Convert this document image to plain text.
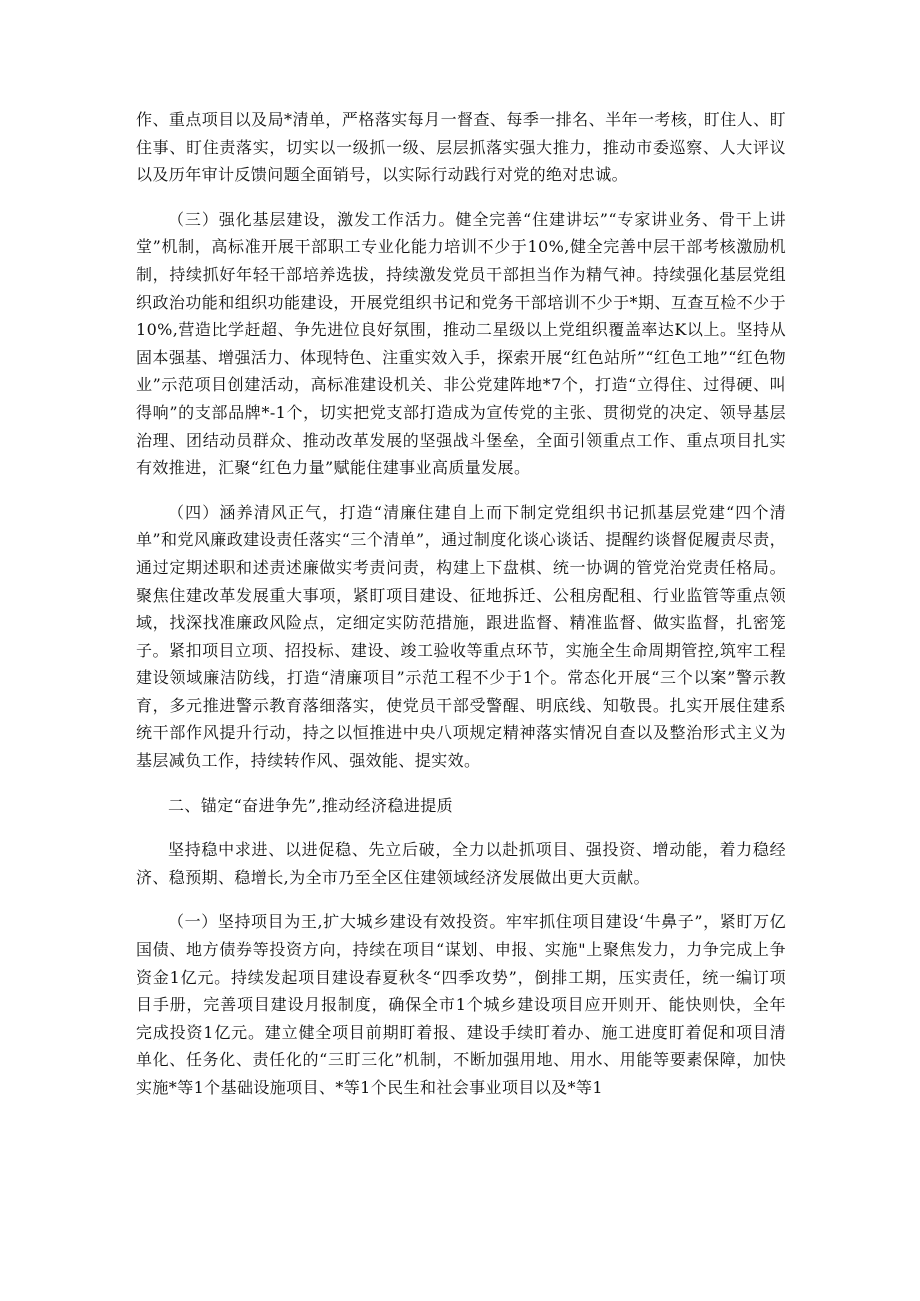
作、重点项目以及局*清单，严格落实每月一督查、每季一排名、半年一考核，盯住人、盯住事、盯住责落实，切实以一级抓一级、层层抓落实强大推力，推动市委巡察、人大评议以及历年审计反馈问题全面销号，以实际行动践行对党的绝对忠诚。

（三）强化基层建设，激发工作活力。健全完善“住建讲坛”“专家讲业务、骨干上讲堂”机制，高标准开展干部职工专业化能力培训不少于10%,健全完善中层干部考核激励机制，持续抓好年轻干部培养选拔，持续激发党员干部担当作为精气神。持续强化基层党组织政治功能和组织功能建设，开展党组织书记和党务干部培训不少于*期、互查互检不少于10%,营造比学赶超、争先进位良好氛围，推动二星级以上党组织覆盖率达K以上。坚持从固本强基、增强活力、体现特色、注重实效入手，探索开展“红色站所”“红色工地”“红色物业”示范项目创建活动，高标准建设机关、非公党建阵地*7个，打造“立得住、过得硬、叫得响”的支部品牌*-1个，切实把党支部打造成为宣传党的主张、贯彻党的决定、领导基层治理、团结动员群众、推动改革发展的坚强战斗堡垒，全面引领重点工作、重点项目扎实有效推进，汇聚“红色力量”赋能住建事业高质量发展。

（四）涵养清风正气，打造“清廉住建自上而下制定党组织书记抓基层党建“四个清单”和党风廉政建设责任落实“三个清单”，通过制度化谈心谈话、提醒约谈督促履责尽责，通过定期述职和述责述廉做实考责问责，构建上下盘棋、统一协调的管党治党责任格局。聚焦住建改革发展重大事项，紧盯项目建设、征地拆迁、公租房配租、行业监管等重点领域，找深找准廉政风险点，定细定实防范措施，跟进监督、精准监督、做实监督，扎密笼子。紧扣项目立项、招投标、建设、竣工验收等重点环节，实施全生命周期管控,筑牢工程建设领域廉洁防线，打造“清廉项目”示范工程不少于1个。常态化开展“三个以案”警示教育，多元推进警示教育落细落实，使党员干部受警醒、明底线、知敬畏。扎实开展住建系统干部作风提升行动，持之以恒推进中央八项规定精神落实情况自查以及整治形式主义为基层减负工作，持续转作风、强效能、提实效。

二、锚定“奋进争先”,推动经济稳进提质

坚持稳中求进、以进促稳、先立后破，全力以赴抓项目、强投资、增动能，着力稳经济、稳预期、稳增长,为全市乃至全区住建领域经济发展做出更大贡献。

（一）坚持项目为王,扩大城乡建设有效投资。牢牢抓住项目建设‘牛鼻子”，紧盯万亿国债、地方债券等投资方向，持续在项目“谋划、申报、实施"上聚焦发力，力争完成上争资金1亿元。持续发起项目建设春夏秋冬“四季攻势”，倒排工期，压实责任，统一编订项目手册，完善项目建设月报制度，确保全市1个城乡建设项目应开则开、能快则快，全年完成投资1亿元。建立健全项目前期盯着报、建设手续盯着办、施工进度盯着促和项目清单化、任务化、责任化的“三盯三化”机制，不断加强用地、用水、用能等要素保障，加快实施*等1个基础设施项目、*等1个民生和社会事业项目以及*等1
